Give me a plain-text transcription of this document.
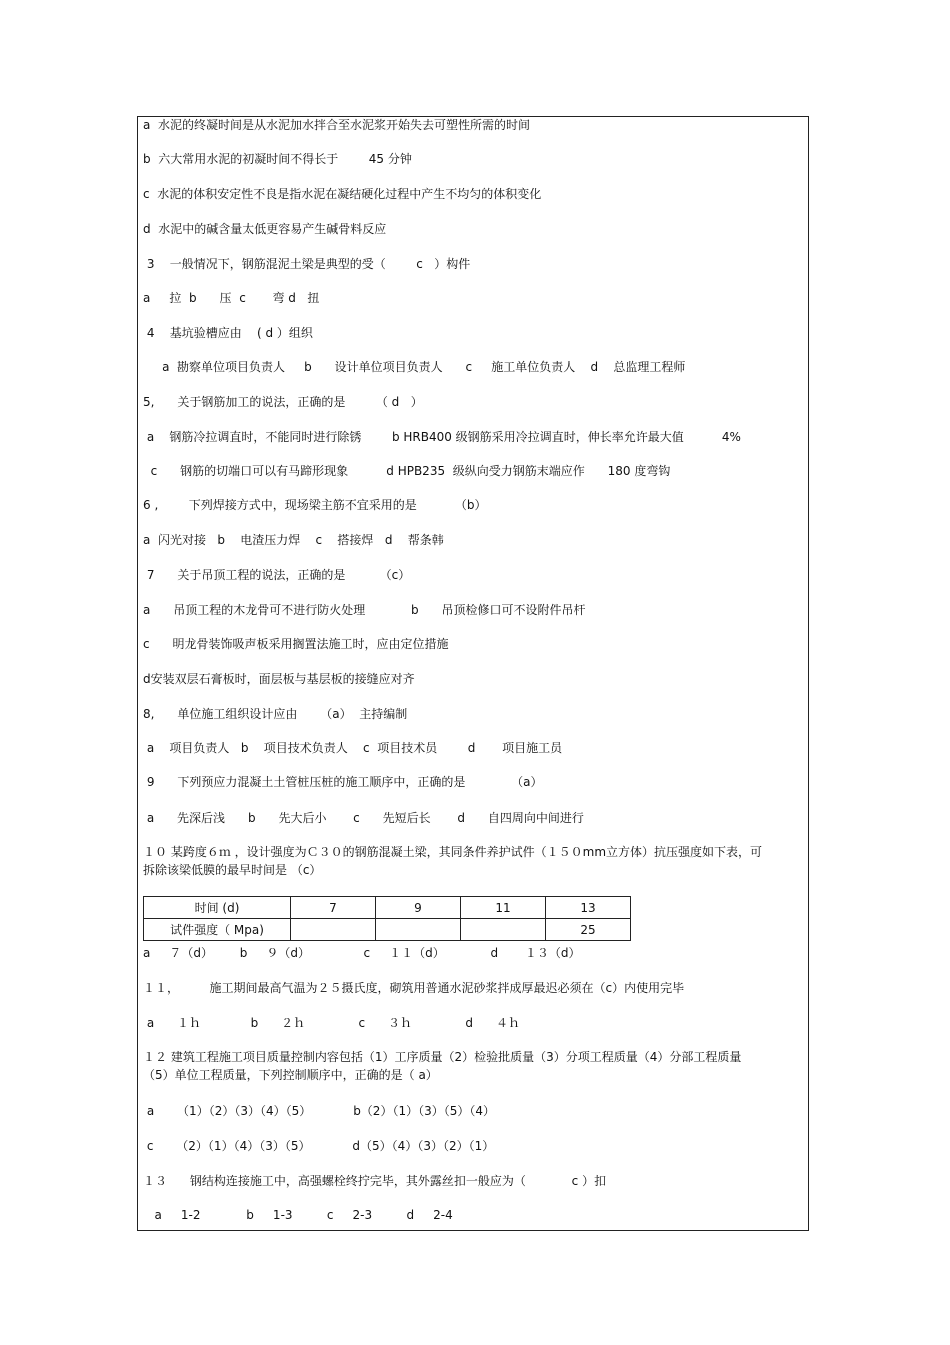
a  水泥的终凝时间是从水泥加水拌合至水泥浆开始失去可塑性所需的时间
b  六大常用水泥的初凝时间不得长于        45 分钟
c  水泥的体积安定性不良是指水泥在凝结硬化过程中产生不均匀的体积变化
d  水泥中的碱含量太低更容易产生碱骨料反应
3    一般情况下，钢筋混泥土梁是典型的受（        c   ）构件
a     拉  b      压  c       弯 d   扭
4    基坑验槽应由    ( d ）组织
a  勘察单位项目负责人     b      设计单位项目负责人      c     施工单位负责人    d    总监理工程师
5,      关于钢筋加工的说法，正确的是        （ d   ）
a    钢筋冷拉调直时，不能同时进行除锈        b HRB400 级钢筋采用冷拉调直时，伸长率允许最大值          4%
c      钢筋的切端口可以有马蹄形现象          d HPB235  级纵向受力钢筋末端应作      180 度弯钩
6 ,        下列焊接方式中，现场梁主筋不宜采用的是          （b）
a  闪光对接   b    电渣压力焊    c    搭接焊   d    帮条韩
7      关于吊顶工程的说法，正确的是         （c）
a      吊顶工程的木龙骨可不进行防火处理            b      吊顶检修口可不设附件吊杆
c      明龙骨装饰吸声板采用搁置法施工时，应由定位措施
d安装双层石膏板时，面层板与基层板的接缝应对齐
8,      单位施工组织设计应由      （a）  主持编制
a    项目负责人   b    项目技术负责人    c  项目技术员        d       项目施工员
9      下列预应力混凝土土管桩压桩的施工顺序中，正确的是            （a）
a      先深后浅      b      先大后小       c      先短后长       d      自四周向中间进行
１０ 某跨度６ｍ ，设计强度为Ｃ３０的钢筋混凝土梁，其同条件养护试件（１５０mm立方体）抗压强度如下表，可拆除该梁低膜的最早时间是 （c）
时间 (d)	7	9	11	13
试件强度（ Mpa)				25
a     ７（d）       b     ９（d）              c     １１（d）            d       １３（d）
１１，        施工期间最高气温为２５摄氏度，砌筑用普通水泥砂浆拌成厚最迟必须在（c）内使用完毕
a      １ｈ             b      ２ｈ              c      ３ｈ              d      ４ｈ
１２ 建筑工程施工项目质量控制内容包括（1）工序质量（2）检验批质量（3）分项工程质量（4）分部工程质量（5）单位工程质量，下列控制顺序中，正确的是（ a）
a      （1）（2）（3）（4）（5）           b（2）（1）（3）（5）（4）
c      （2）（1）（4）（3）（5）           d（5）（4）（3）（2）（1）
１３      钢结构连接施工中，高强螺栓终拧完毕，其外露丝扣一般应为（            c ）扣
a     1-2            b     1-3         c     2-3         d     2-4
